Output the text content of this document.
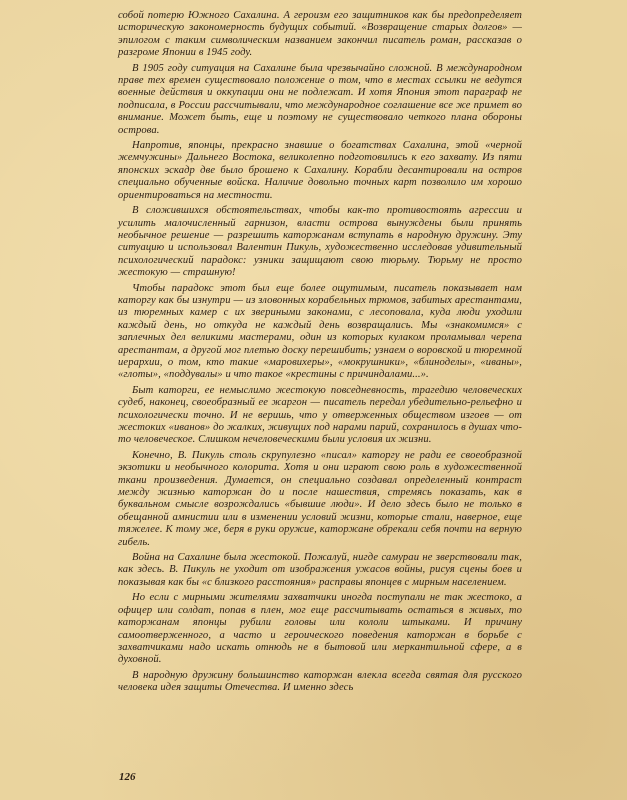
собой потерю Южного Сахалина. А героизм его защитников как бы предопределяет историческую закономерность будущих событий. «Возвращение старых долгов» — эпилогом с таким символическим названием закончил писатель роман, рассказав о разгроме Японии в 1945 году.

В 1905 году ситуация на Сахалине была чрезвычайно сложной. В международном праве тех времен существовало положение о том, что в местах ссылки не ведутся военные действия и оккупации они не подлежат. И хотя Япония этот параграф не подписала, в России рассчитывали, что международное соглашение все же примет во внимание. Может быть, еще и поэтому не существовало четкого плана обороны острова.

Напротив, японцы, прекрасно знавшие о богатствах Сахалина, этой «черной жемчужины» Дальнего Востока, великолепно подготовились к его захвату. Из пяти японских эскадр две было брошено к Сахалину. Корабли десантировали на остров специально обученные войска. Наличие довольно точных карт позволило им хорошо ориентироваться на местности.

В сложившихся обстоятельствах, чтобы как-то противостоять агрессии и усилить малочисленный гарнизон, власти острова вынуждены были принять необычное решение — разрешить каторжанам вступать в народную дружину. Эту ситуацию и использовал Валентин Пикуль, художественно исследовав удивительный психологический парадокс: узники защищают свою тюрьму. Тюрьму не просто жестокую — страшную!

Чтобы парадокс этот был еще более ощутимым, писатель показывает нам каторгу как бы изнутри — из зловонных корабельных трюмов, забитых арестантами, из тюремных камер с их звериными законами, с лесоповала, куда люди уходили каждый день, но откуда не каждый день возвращались. Мы «знакомимся» с заплечных дел великими мастерами, один из которых кулаком проламывал черепа арестантам, а другой мог плетью доску перешибить; узнаем о воровской и тюремной иерархии, о том, кто такие «маровихеры», «мокрушники», «блиноделы», «иваны», «глоты», «поддувалы» и что такое «крестины с причиндалами...».

Быт каторги, ее немыслимо жестокую повседневность, трагедию человеческих судеб, наконец, своеобразный ее жаргон — писатель передал убедительно-рельефно и психологически точно. И не веришь, что у отверженных обществом изгоев — от жестоких «иванов» до жалких, живущих под нарами парий, сохранилось в душах что-то человеческое. Слишком нечеловеческими были условия их жизни.

Конечно, В. Пикуль столь скрупулезно «писал» каторгу не ради ее своеобразной экзотики и необычного колорита. Хотя и они играют свою роль в художественной ткани произведения. Думается, он специально создавал определенный контраст между жизнью каторжан до и после нашествия, стремясь показать, как в буквальном смысле возрождались «бывшие люди». И дело здесь было не только в обещанной амнистии или в изменении условий жизни, которые стали, наверное, еще тяжелее. К тому же, беря в руки оружие, каторжане обрекали себя почти на верную гибель.

Война на Сахалине была жестокой. Пожалуй, нигде самураи не зверствовали так, как здесь. В. Пикуль не уходит от изображения ужасов войны, рисуя сцены боев и показывая как бы «с близкого расстояния» расправы японцев с мирным населением.

Но если с мирными жителями захватчики иногда поступали не так жестоко, а офицер или солдат, попав в плен, мог еще рассчитывать остаться в живых, то каторжанам японцы рубили головы или кололи штыками. И причину самоотверженного, а часто и героического поведения каторжан в борьбе с захватчиками надо искать отнюдь не в бытовой или меркантильной сфере, а в духовной.

В народную дружину большинство каторжан влекла всегда святая для русского человека идея защиты Отечества. И именно здесь

126
